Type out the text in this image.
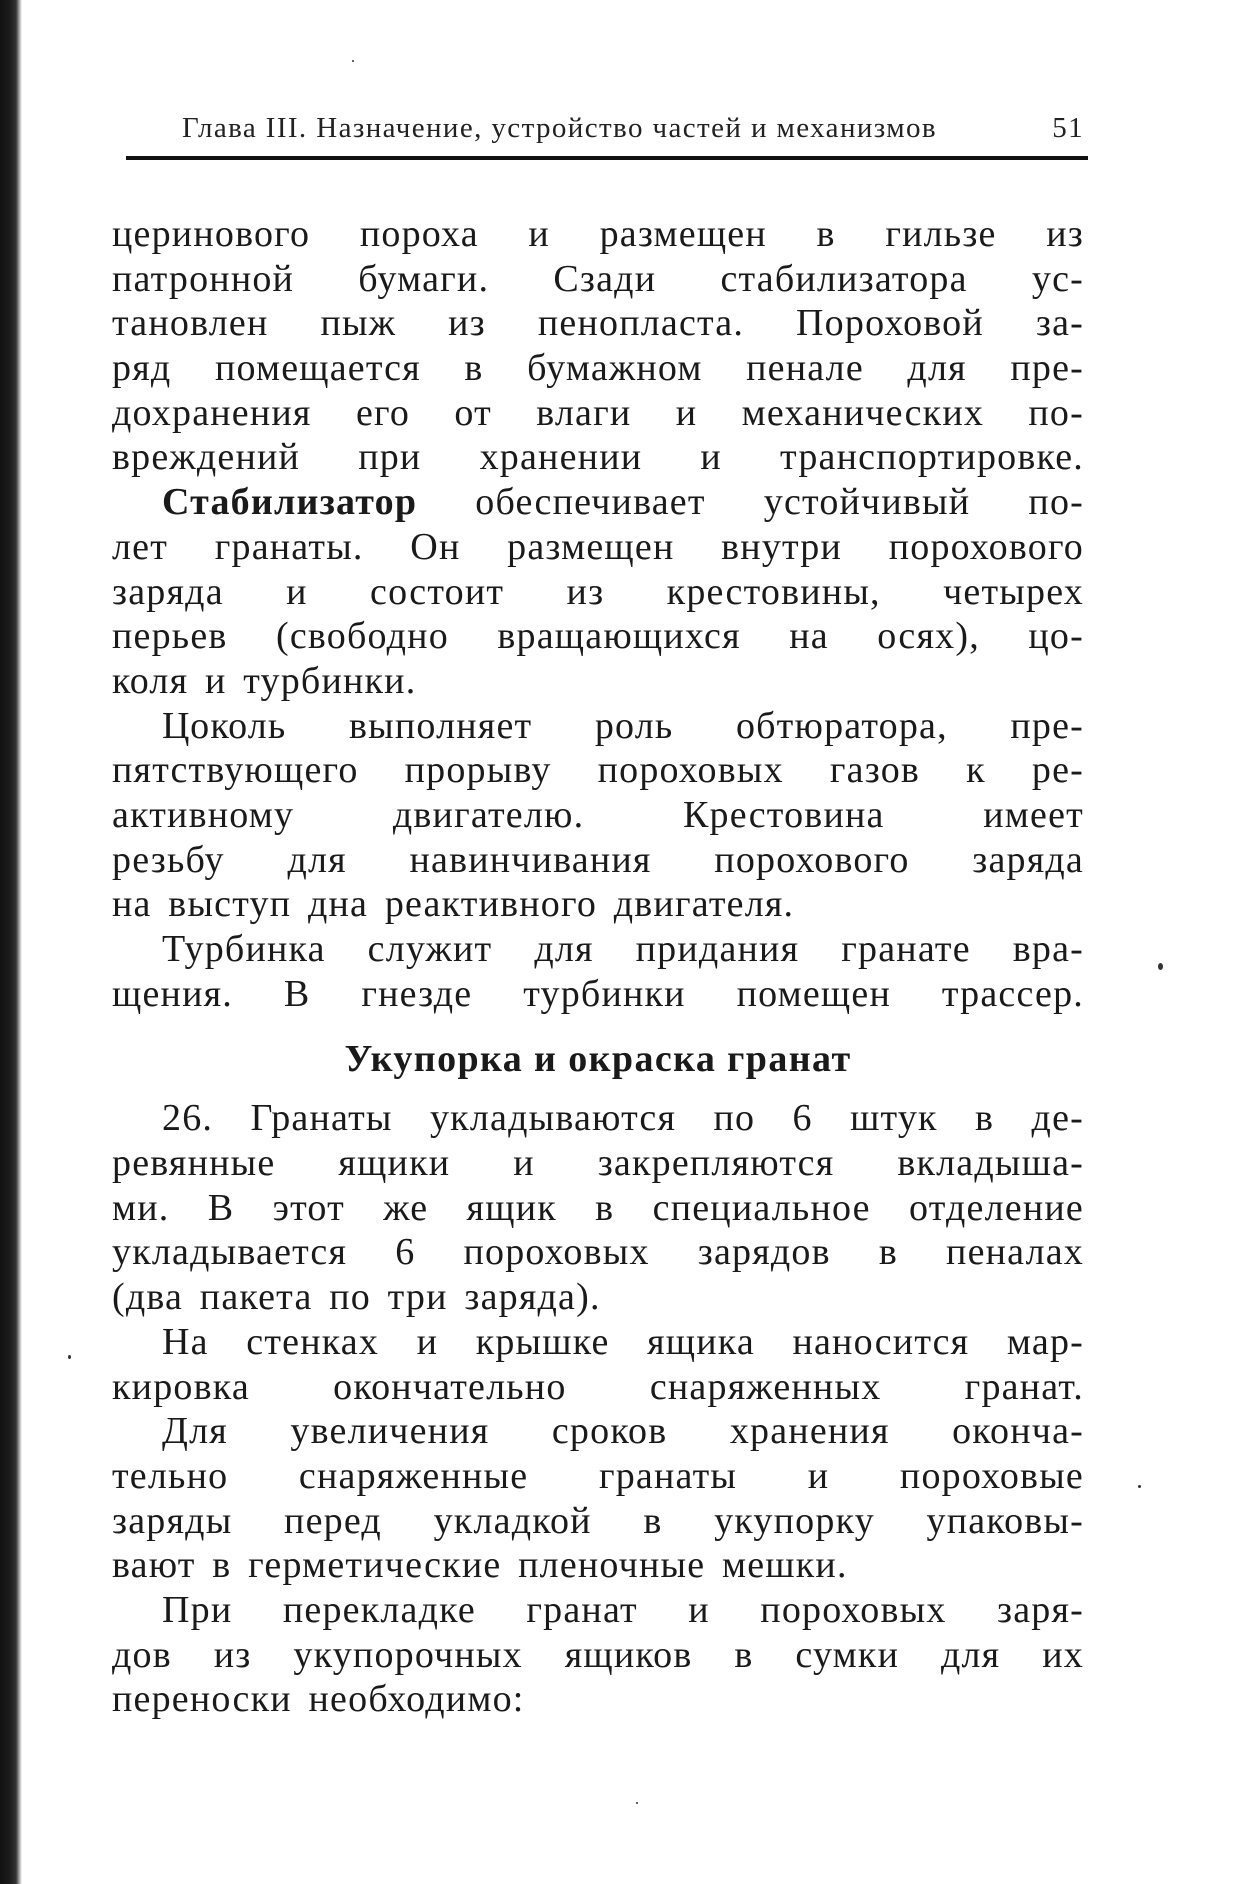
Глава III. Назначение, устройство частей и механизмов	51
церинового пороха и размещен в гильзе из
патронной бумаги. Сзади стабилизатора ус-
тановлен пыж из пенопласта. Пороховой за-
ряд помещается в бумажном пенале для пре-
дохранения его от влаги и механических по-
вреждений при хранении и транспортировке.
Стабилизатор обеспечивает устойчивый по-
лет гранаты. Он размещен внутри порохового
заряда и состоит из крестовины, четырех
перьев (свободно вращающихся на осях), цо-
коля и турбинки.
Цоколь выполняет роль обтюратора, пре-
пятствующего прорыву пороховых газов к ре-
активному двигателю. Крестовина имеет
резьбу для навинчивания порохового заряда
на выступ дна реактивного двигателя.
Турбинка служит для придания гранате вра-
щения. В гнезде турбинки помещен трассер.
Укупорка и окраска гранат
26. Гранаты укладываются по 6 штук в де-
ревянные ящики и закрепляются вкладыша-
ми. В этот же ящик в специальное отделение
укладывается 6 пороховых зарядов в пеналах
(два пакета по три заряда).
На стенках и крышке ящика наносится мар-
кировка окончательно снаряженных гранат.
Для увеличения сроков хранения оконча-
тельно снаряженные гранаты и пороховые
заряды перед укладкой в укупорку упаковы-
вают в герметические пленочные мешки.
При перекладке гранат и пороховых заря-
дов из укупорочных ящиков в сумки для их
переноски необходимо:
